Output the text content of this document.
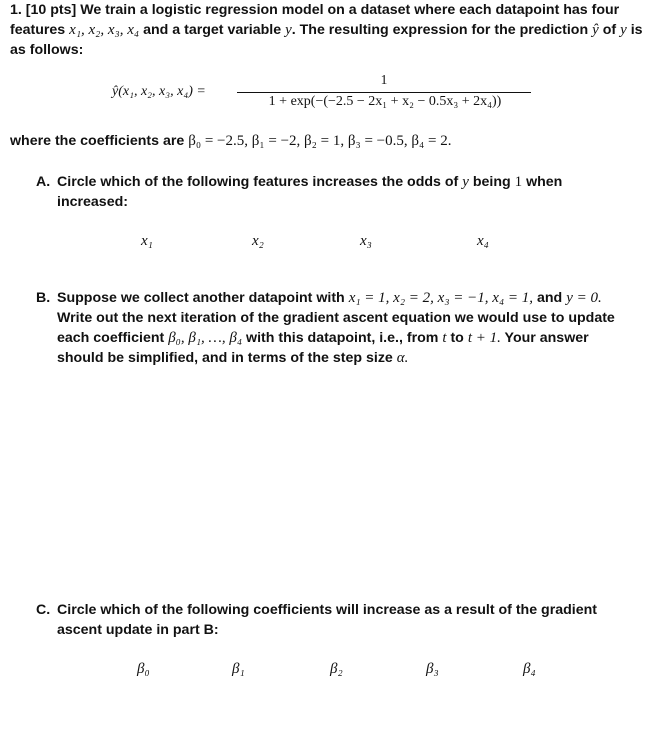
1. [10 pts] We train a logistic regression model on a dataset where each datapoint has four features x₁, x₂, x₃, x₄ and a target variable y. The resulting expression for the prediction ŷ of y is as follows:
ŷ(x₁, x₂, x₃, x₄) =
1
1 + exp(−(−2.5 − 2x₁ + x₂ − 0.5x₃ + 2x₄))
where the coefficients are β₀ = −2.5, β₁ = −2, β₂ = 1, β₃ = −0.5, β₄ = 2.
A. Circle which of the following features increases the odds of y being 1 when increased:
x₁	x₂	x₃	x₄
B. Suppose we collect another datapoint with x₁ = 1, x₂ = 2, x₃ = −1, x₄ = 1, and y = 0. Write out the next iteration of the gradient ascent equation we would use to update each coefficient β₀, β₁, …, β₄ with this datapoint, i.e., from t to t + 1. Your answer should be simplified, and in terms of the step size α.
C. Circle which of the following coefficients will increase as a result of the gradient ascent update in part B:
β₀	β₁	β₂	β₃	β₄
